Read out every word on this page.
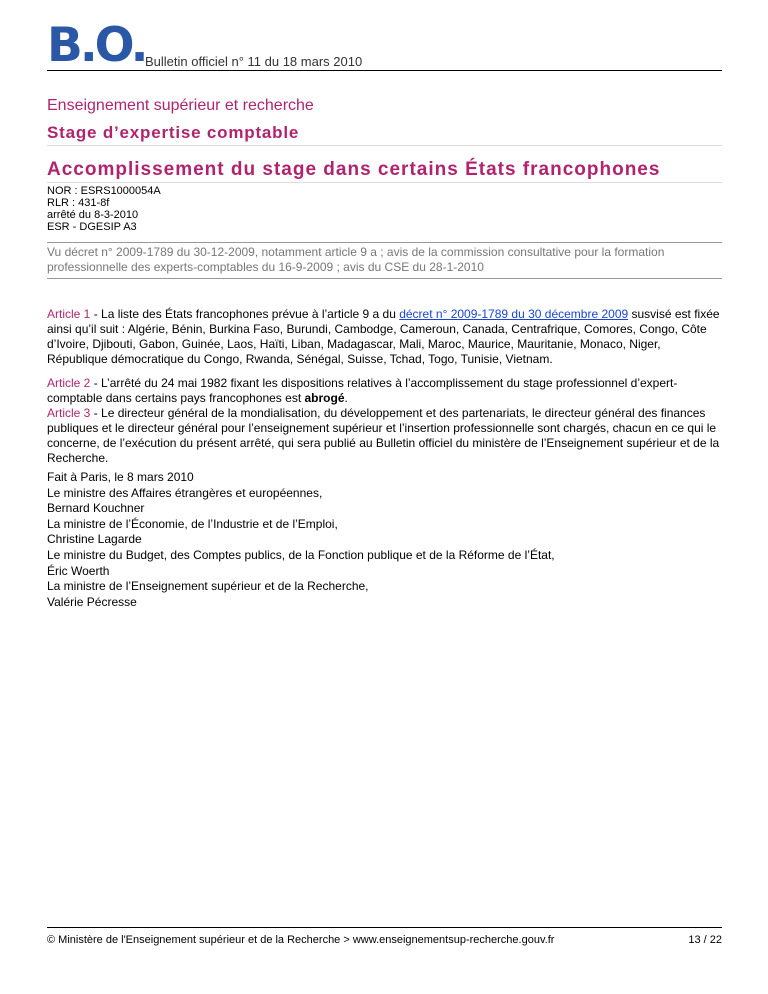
B.O. Bulletin officiel n° 11 du 18 mars 2010
Enseignement supérieur et recherche
Stage d’expertise comptable
Accomplissement du stage dans certains États francophones
NOR : ESRS1000054A
RLR : 431-8f
arrêté du 8-3-2010
ESR - DGESIP A3
Vu décret n° 2009-1789 du 30-12-2009, notamment article 9 a ; avis de la commission consultative pour la formation professionnelle des experts-comptables du 16-9-2009 ; avis du CSE du 28-1-2010
Article 1 - La liste des États francophones prévue à l’article 9 a du décret n° 2009-1789 du 30 décembre 2009 susvisé est fixée ainsi qu’il suit : Algérie, Bénin, Burkina Faso, Burundi, Cambodge, Cameroun, Canada, Centrafrique, Comores, Congo, Côte d’Ivoire, Djibouti, Gabon, Guinée, Laos, Haïti, Liban, Madagascar, Mali, Maroc, Maurice, Mauritanie, Monaco, Niger, République démocratique du Congo, Rwanda, Sénégal, Suisse, Tchad, Togo, Tunisie, Vietnam.
Article 2 - L’arrêté du 24 mai 1982 fixant les dispositions relatives à l’accomplissement du stage professionnel d’expert-comptable dans certains pays francophones est abrogé.
Article 3 - Le directeur général de la mondialisation, du développement et des partenariats, le directeur général des finances publiques et le directeur général pour l’enseignement supérieur et l’insertion professionnelle sont chargés, chacun en ce qui le concerne, de l’exécution du présent arrêté, qui sera publié au Bulletin officiel du ministère de l’Enseignement supérieur et de la Recherche.
Fait à Paris, le 8 mars 2010
Le ministre des Affaires étrangères et européennes,
Bernard Kouchner
La ministre de l’Économie, de l’Industrie et de l’Emploi,
Christine Lagarde
Le ministre du Budget, des Comptes publics, de la Fonction publique et de la Réforme de l’État,
Éric Woerth
La ministre de l’Enseignement supérieur et de la Recherche,
Valérie Pécresse
© Ministère de l'Enseignement supérieur et de la Recherche > www.enseignementsup-recherche.gouv.fr	13 / 22
